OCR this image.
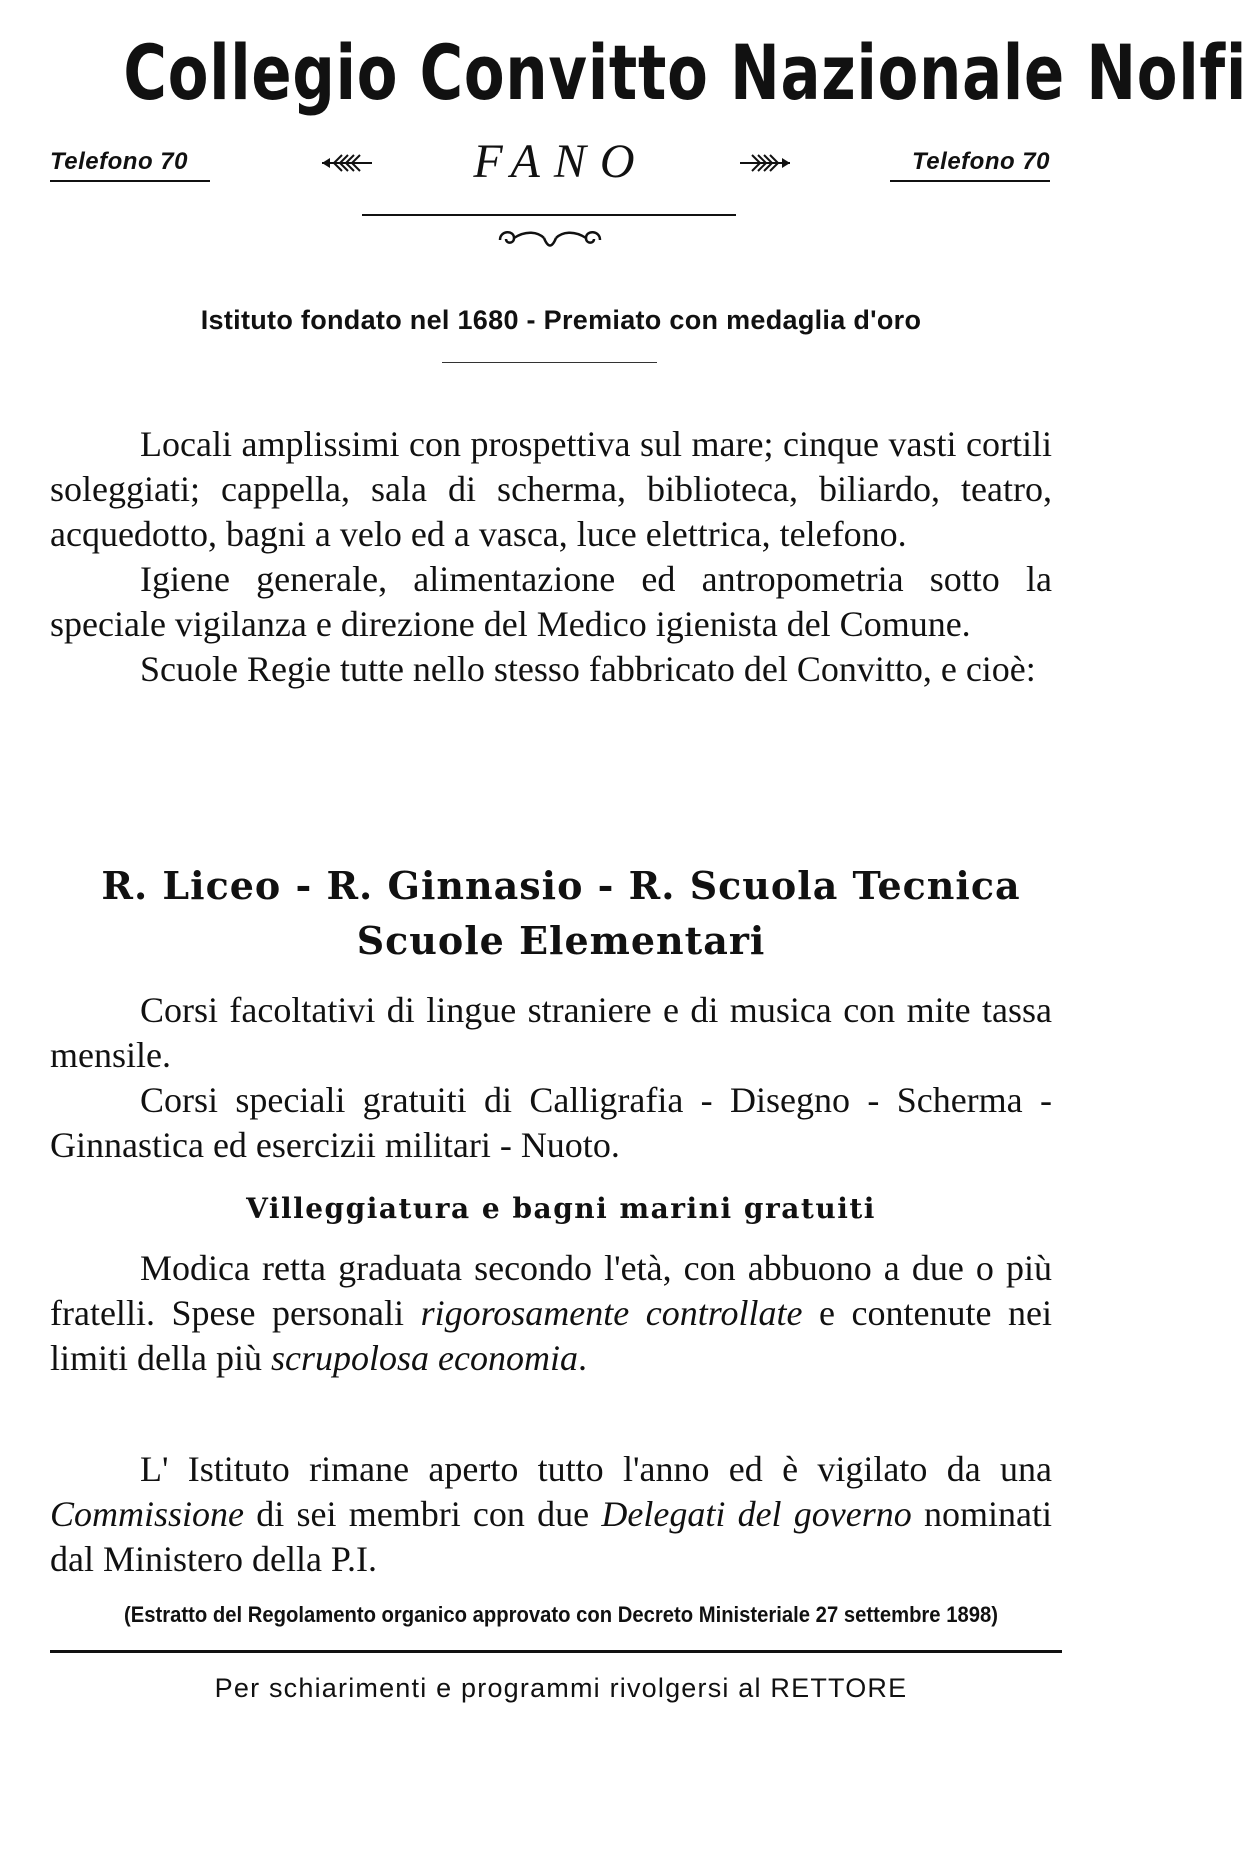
Collegio Convitto Nazionale Nolfi
Telefono 70	FANO	Telefono 70
Istituto fondato nel 1680 - Premiato con medaglia d'oro

Locali amplissimi con prospettiva sul mare; cinque vasti cortili soleggiati; cappella, sala di scherma, biblioteca, biliardo, teatro, acquedotto, bagni a velo ed a vasca, luce elettrica, telefono.

Igiene generale, alimentazione ed antropometria sotto la speciale vigilanza e direzione del Medico igienista del Comune.

Scuole Regie tutte nello stesso fabbricato del Convitto, e cioè:

R. Liceo - R. Ginnasio - R. Scuola Tecnica
Scuole Elementari

Corsi facoltativi di lingue straniere e di musica con mite tassa mensile.

Corsi speciali gratuiti di Calligrafia - Disegno - Scherma - Ginnastica ed esercizii militari - Nuoto.

Villeggiatura e bagni marini gratuiti

Modica retta graduata secondo l'età, con abbuono a due o più fratelli. Spese personali rigorosamente controllate e contenute nei limiti della più scrupolosa economia.

L' Istituto rimane aperto tutto l'anno ed è vigilato da una Commissione di sei membri con due Delegati del governo nominati dal Ministero della P.I.

(Estratto del Regolamento organico approvato con Decreto Ministeriale 27 settembre 1898)
Per schiarimenti e programmi rivolgersi al RETTORE
